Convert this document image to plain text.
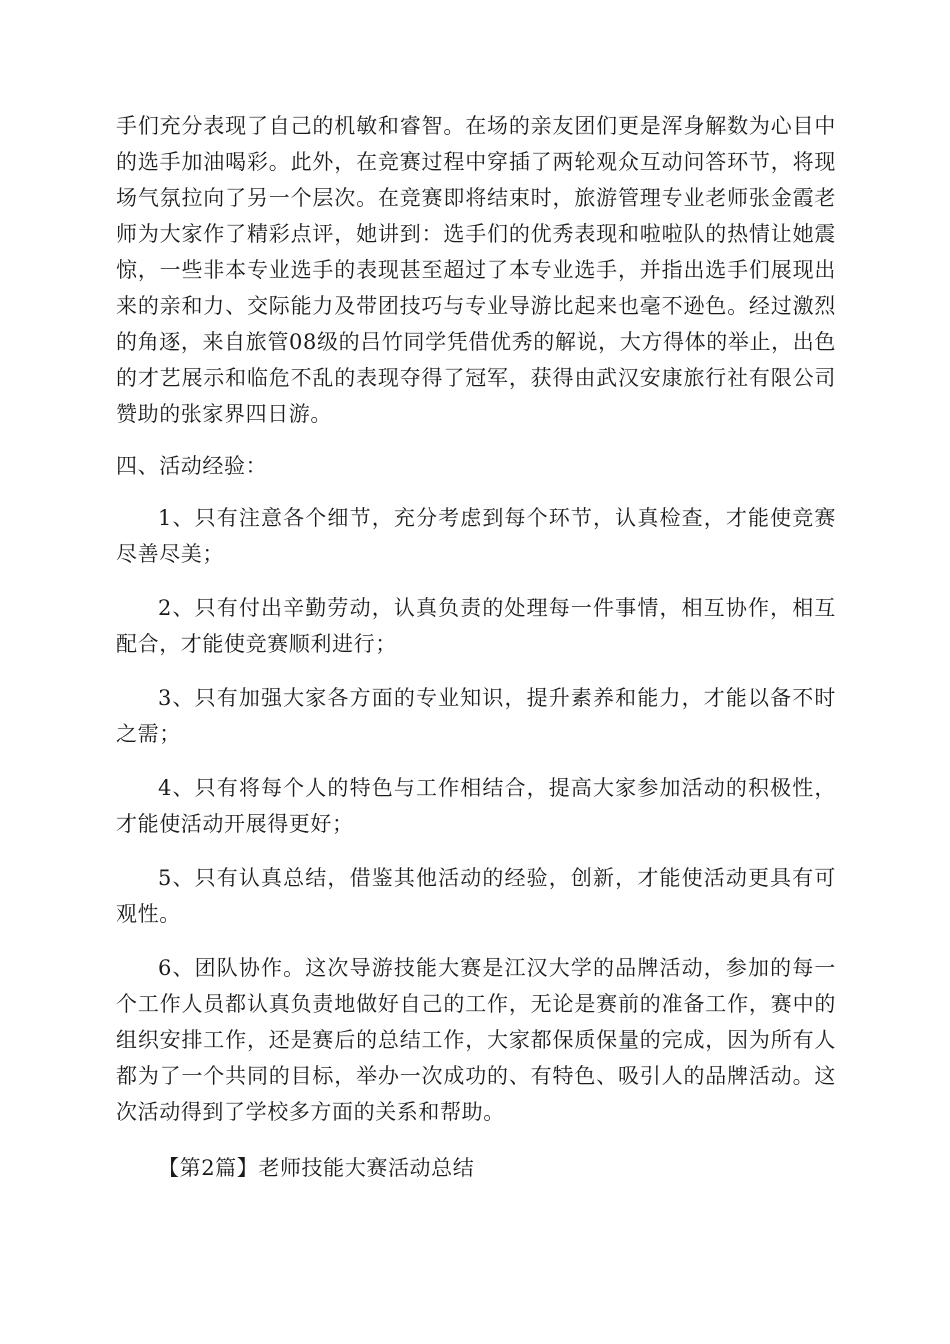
手们充分表现了自己的机敏和睿智。在场的亲友团们更是浑身解数为心目中的选手加油喝彩。此外，在竞赛过程中穿插了两轮观众互动问答环节，将现场气氛拉向了另一个层次。在竞赛即将结束时，旅游管理专业老师张金霞老师为大家作了精彩点评，她讲到：选手们的优秀表现和啦啦队的热情让她震惊，一些非本专业选手的表现甚至超过了本专业选手，并指出选手们展现出来的亲和力、交际能力及带团技巧与专业导游比起来也毫不逊色。经过激烈的角逐，来自旅管08级的吕竹同学凭借优秀的解说，大方得体的举止，出色的才艺展示和临危不乱的表现夺得了冠军，获得由武汉安康旅行社有限公司赞助的张家界四日游。

四、活动经验：

1、只有注意各个细节，充分考虑到每个环节，认真检查，才能使竞赛尽善尽美；

2、只有付出辛勤劳动，认真负责的处理每一件事情，相互协作，相互配合，才能使竞赛顺利进行；

3、只有加强大家各方面的专业知识，提升素养和能力，才能以备不时之需；

4、只有将每个人的特色与工作相结合，提高大家参加活动的积极性，才能使活动开展得更好；

5、只有认真总结，借鉴其他活动的经验，创新，才能使活动更具有可观性。

6、团队协作。这次导游技能大赛是江汉大学的品牌活动，参加的每一个工作人员都认真负责地做好自己的工作，无论是赛前的准备工作，赛中的组织安排工作，还是赛后的总结工作，大家都保质保量的完成，因为所有人都为了一个共同的目标，举办一次成功的、有特色、吸引人的品牌活动。这次活动得到了学校多方面的关系和帮助。

【第2篇】老师技能大赛活动总结
